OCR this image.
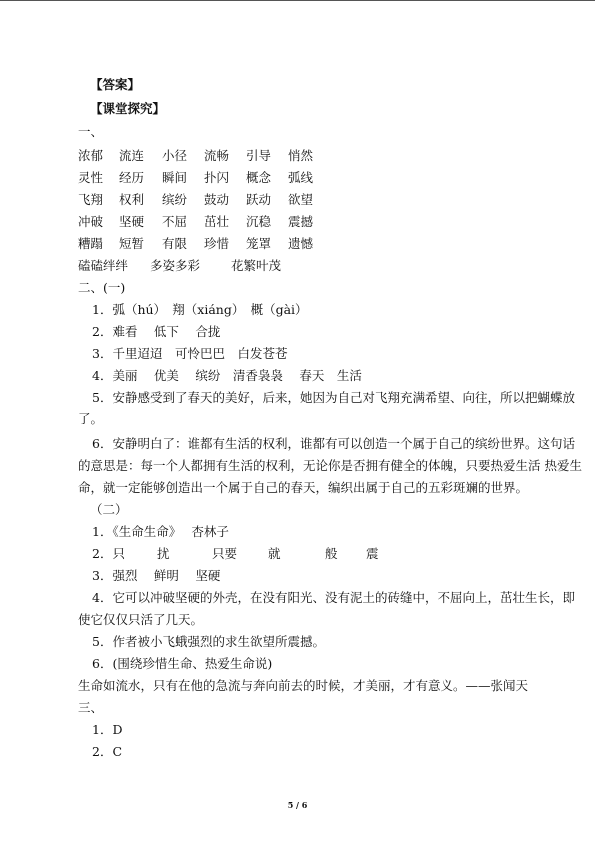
【答案】
【课堂探究】
一、
浓郁 流连 小径 流畅 引导 悄然
灵性 经历 瞬间 扑闪 概念 弧线
飞翔 权利 缤纷 鼓动 跃动 欲望
冲破 坚硬 不屈 茁壮 沉稳 震撼
糟蹋 短暂 有限 珍惜 笼罩 遗憾
磕磕绊绊 多姿多彩 花繁叶茂
二、(一)
1．弧（hú）　翔（xiáng）　概（gài）
2．难看　 低下　 合拢
3．千里迢迢　可怜巴巴　白发苍苍
4．美丽　 优美　 缤纷　清香袅袅　 春天　生活
5．安静感受到了春天的美好，后来，她因为自己对飞翔充满希望、向往，所以把蝴蝶放
了。
6．安静明白了：谁都有生活的权利，谁都有可以创造一个属于自己的缤纷世界。这句话
的意思是：每一个人都拥有生活的权利，无论你是否拥有健全的体魄，只要热爱生活 热爱生
命，就一定能够创造出一个属于自己的春天，编织出属于自己的五彩斑斓的世界。
（二）
1．《生命生命》　 杏林子
2．只	扰	只要 就	般 震
3．强烈　 鲜明　 坚硬
4．它可以冲破坚硬的外壳，在没有阳光、没有泥土的砖缝中，不屈向上，茁壮生长，即
使它仅仅只活了几天。
5．作者被小飞蛾强烈的求生欲望所震撼。
6．(围绕珍惜生命、热爱生命说)
生命如流水，只有在他的急流与奔向前去的时候，才美丽，才有意义。——张闻天
三、
1．D
2．C
5 / 6
